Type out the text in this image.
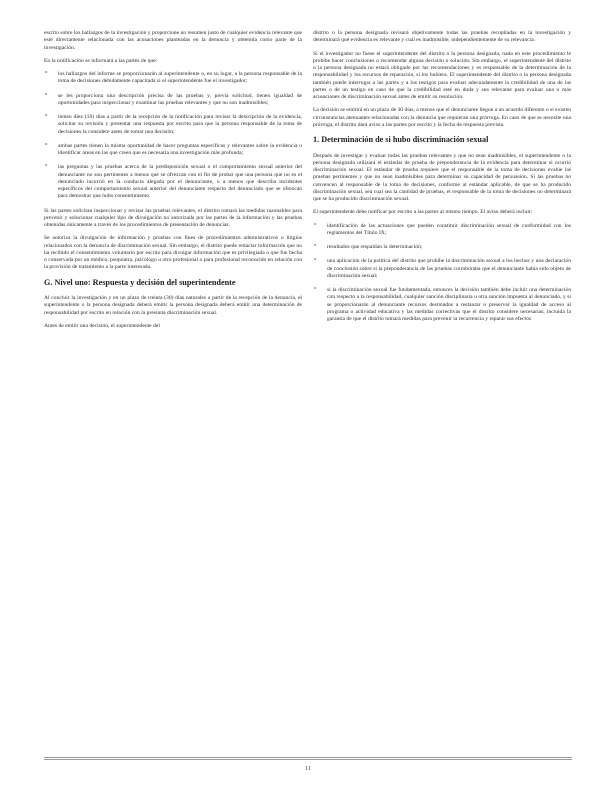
escrito sobre los hallazgos de la investigación y proporcione un resumen justo de cualquier evidencia relevante que esté directamente relacionada con las acusaciones planteadas en la denuncia y obtenida como parte de la investigación.
En la notificación se informará a las partes de que:
° los hallazgos del informe se proporcionarán al superintendente o, en su lugar, a la persona responsable de la toma de decisiones debidamente capacitada si el superintendente fue el investigador;
° se les proporciona una descripción precisa de las pruebas y, previa solicitud, tienen igualdad de oportunidades para inspeccionar y examinar las pruebas relevantes y que no son inadmisibles;
° tienen diez (10) días a partir de la recepción de la notificación para revisar la descripción de la evidencia, solicitar su revisión y presentar una respuesta por escrito para que la persona responsable de la toma de decisiones la considere antes de tomar una decisión;
° ambas partes tienen la misma oportunidad de hacer preguntas específicas y relevantes sobre la evidencia o identificar áreas en las que creen que es necesaria una investigación más profunda;
° las preguntas y las pruebas acerca de la predisposición sexual o el comportamiento sexual anterior del denunciante no son pertinentes a menos que se ofrezcan con el fin de probar que una persona que no es el denunciado incurrió en la conducta alegada por el denunciante, o a menos que describa incidentes específicos del comportamiento sexual anterior del denunciante respecto del denunciado que se ofrezcan para demostrar que hubo consentimiento.
Si las partes solicitan inspeccionar y revisar las pruebas relevantes, el distrito tomará las medidas razonables para prevenir y solucionar cualquier tipo de divulgación no autorizada por las partes de la información y las pruebas obtenidas únicamente a través de los procedimientos de presentación de denuncias.
Se autoriza la divulgación de información y pruebas con fines de procedimientos administrativos o litigios relacionados con la denuncia de discriminación sexual. Sin embargo, el distrito puede redactar información que no ha recibido el consentimiento voluntario por escrito para divulgar información que es privilegiada o que fue hecha o conservada por un médico, psiquiatra, psicólogo u otro profesional o para profesional reconocido en relación con la provisión de tratamiento a la parte interesada.
G. Nivel uno: Respuesta y decisión del superintendente
Al concluir la investigación y en un plazo de treinta (30) días naturales a partir de la recepción de la denuncia, el superintendente o la persona designada deberá emitir la persona designada deberá emitir una determinación de responsabilidad por escrito en relación con la presunta discriminación sexual.
Antes de emitir una decisión, el superintendente del
distrito o la persona designada revisará objetivamente todas las pruebas recopiladas en la investigación y determinará qué evidencia es relevante y cuál es inadmisible, independientemente de su relevancia.
Si el investigador no fuese el superintendente del distrito o la persona designada, nada en este procedimiento le prohíbe hacer conclusiones o recomendar alguna decisión o solución. Sin embargo, el superintendente del distrito o la persona designada no estará obligado por las recomendaciones y es responsable de la determinación de la responsabilidad y los recursos de reparación, si los hubiera. El superintendente del distrito o la persona designada también puede interrogar a las partes y a los testigos para evaluar adecuadamente la credibilidad de una de las partes o de un testigo en caso de que la credibilidad esté en duda y sea relevante para evaluar una o más acusaciones de discriminación sexual antes de emitir su resolución.
La decisión se emitirá en un plazo de 30 días, a menos que el denunciante llegue a un acuerdo diferente o si existen circunstancias atenuantes relacionadas con la denuncia que requieran una prórroga. En caso de que se necesite una prórroga, el distrito dará aviso a las partes por escrito y la fecha de respuesta prevista.
1. Determinación de si hubo discriminación sexual
Después de investigar y evaluar todas las pruebas relevantes y que no sean inadmisibles, el superintendente o la persona designada utilizará el estándar de prueba de preponderancia de la evidencia para determinar si ocurrió discriminación sexual. El estándar de prueba requiere que el responsable de la toma de decisiones evalúe las pruebas pertinentes y que no sean inadmisibles para determinar su capacidad de persuasión. Si las pruebas no convencen al responsable de la toma de decisiones, conforme al estándar aplicable, de que se ha producido discriminación sexual, sea cual sea la cantidad de pruebas, el responsable de la toma de decisiones no determinará que se ha producido discriminación sexual.
El superintendente debe notificar por escrito a las partes al mismo tiempo. El aviso deberá incluir:
° identificación de las actuaciones que pueden constituir discriminación sexual de conformidad con los reglamentos del Título IX;
° resultados que respaldan la determinación;
° una aplicación de la política del distrito que prohíbe la discriminación sexual a los hechos y una declaración de conclusión sobre si la preponderancia de las pruebas corroboraba que el denunciante había sido objeto de discriminación sexual;
° si la discriminación sexual fue fundamentada, entonces la decisión también debe incluir una determinación con respecto a la responsabilidad, cualquier sanción disciplinaria u otra sanción impuesta al denunciado, y si se proporcionarán al denunciante recursos destinados a restaurar o preservar la igualdad de acceso al programa o actividad educativa y las medidas correctivas que el distrito considere necesarias, incluida la garantía de que el distrito tomará medidas para prevenir la recurrencia y reparar sus efectos
11
